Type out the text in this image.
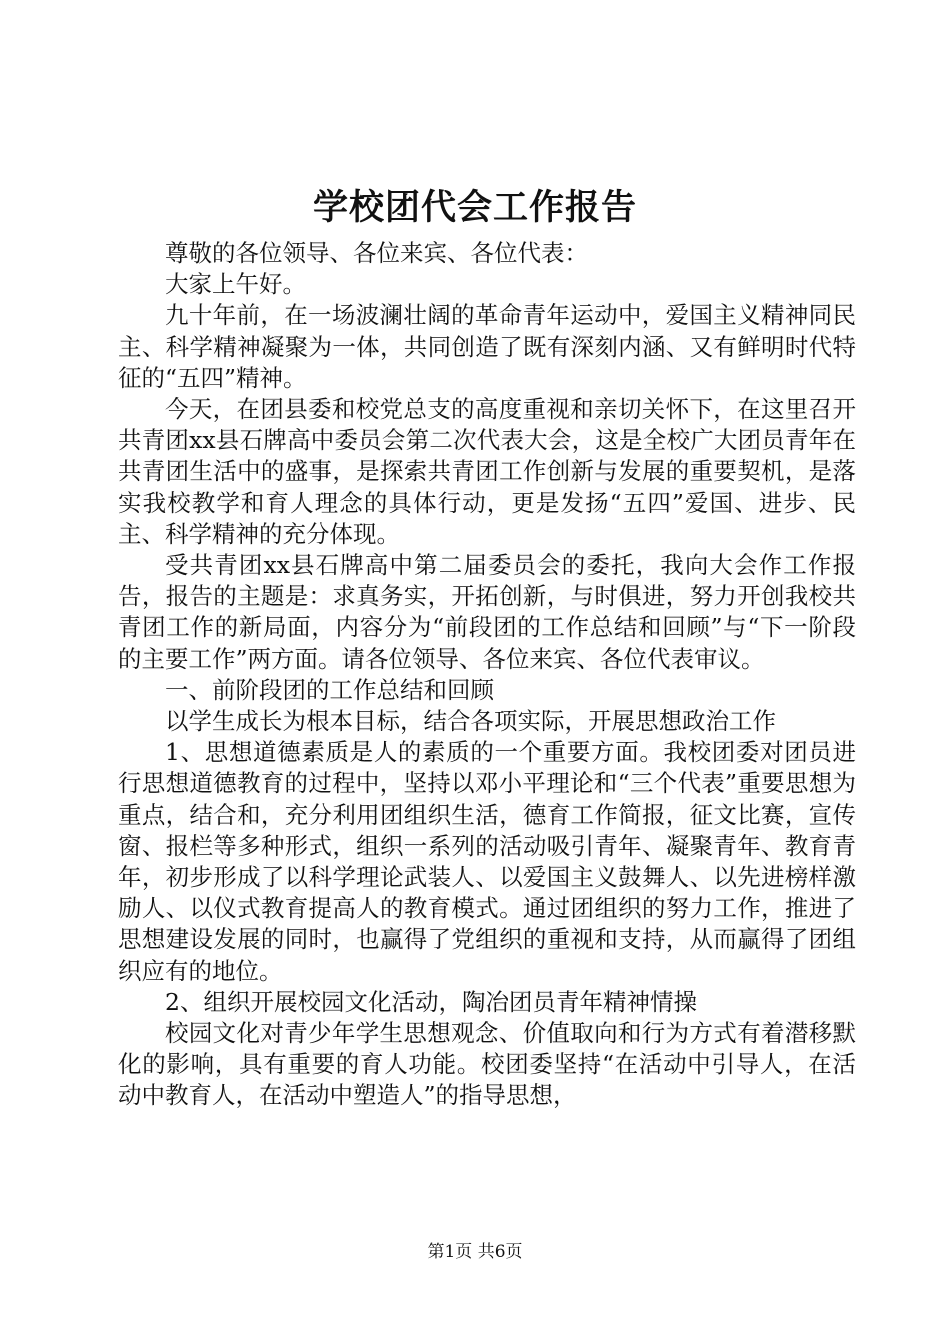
学校团代会工作报告

尊敬的各位领导、各位来宾、各位代表：

大家上午好。

九十年前，在一场波澜壮阔的革命青年运动中，爱国主义精神同民主、科学精神凝聚为一体，共同创造了既有深刻内涵、又有鲜明时代特征的“五四”精神。

今天，在团县委和校党总支的高度重视和亲切关怀下，在这里召开共青团xx县石牌高中委员会第二次代表大会，这是全校广大团员青年在共青团生活中的盛事，是探索共青团工作创新与发展的重要契机，是落实我校教学和育人理念的具体行动，更是发扬“五四”爱国、进步、民主、科学精神的充分体现。

受共青团xx县石牌高中第二届委员会的委托，我向大会作工作报告，报告的主题是：求真务实，开拓创新，与时俱进，努力开创我校共青团工作的新局面，内容分为“前段团的工作总结和回顾”与“下一阶段的主要工作”两方面。请各位领导、各位来宾、各位代表审议。

一、前阶段团的工作总结和回顾

以学生成长为根本目标，结合各项实际，开展思想政治工作

1、思想道德素质是人的素质的一个重要方面。我校团委对团员进行思想道德教育的过程中，坚持以邓小平理论和“三个代表”重要思想为重点，结合和，充分利用团组织生活，德育工作简报，征文比赛，宣传窗、报栏等多种形式，组织一系列的活动吸引青年、凝聚青年、教育青年，初步形成了以科学理论武装人、以爱国主义鼓舞人、以先进榜样激励人、以仪式教育提高人的教育模式。通过团组织的努力工作，推进了思想建设发展的同时，也赢得了党组织的重视和支持，从而赢得了团组织应有的地位。

2、组织开展校园文化活动，陶冶团员青年精神情操

校园文化对青少年学生思想观念、价值取向和行为方式有着潜移默化的影响，具有重要的育人功能。校团委坚持“在活动中引导人，在活动中教育人，在活动中塑造人”的指导思想，

第1页 共6页
